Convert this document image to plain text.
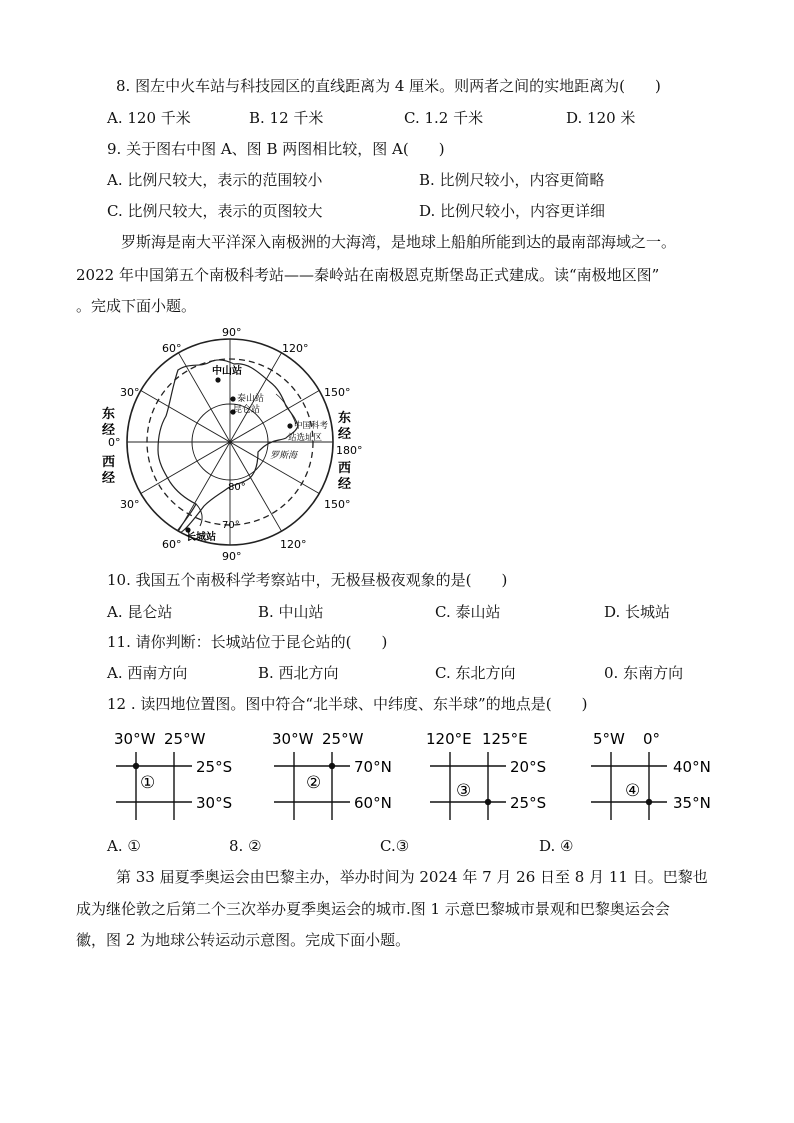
8. 图左中火车站与科技园区的直线距离为 4 厘米。则两者之间的实地距离为(　　)
A. 120 千米	B. 12 千米	C. 1.2 千米	D. 120 米
9. 关于图右中图 A、图 B 两图相比较，图 A(　　)
A. 比例尺较大，表示的范围较小	B. 比例尺较小，内容更简略
C. 比例尺较大，表示的页图较大	D. 比例尺较小，内容更详细
罗斯海是南大平洋深入南极洲的大海湾，是地球上船舶所能到达的最南部海域之一。
2022 年中国第五个南极科考站——秦岭站在南极恩克斯堡岛正式建成。读“南极地区图”
。完成下面小题。
90°
60°	120°
30°	150°
0°
180°
30°	150°
60°	120°
90°
东
经
西
经
东
经
西
经
80°
70°
中山站
泰山站
昆仑站
中国科考
站选址区
罗斯海
长城站
10. 我国五个南极科学考察站中，无极昼极夜观象的是(　　)
A. 昆仑站	B. 中山站	C. 泰山站	D. 长城站
11. 请你判断：长城站位于昆仑站的(　　)
A. 西南方向	B. 西北方向	C. 东北方向	0. 东南方向
12 . 读四地位置图。图中符合“北半球、中纬度、东半球”的地点是(　　)
30°W 25°W
①
25°S
30°S
30°W 25°W
②
70°N
60°N
120°E 125°E
③
20°S
25°S
5°W 0°
④
40°N
35°N
A. ①	8. ②	C.③	D. ④
第 33 届夏季奥运会由巴黎主办，举办时间为 2024 年 7 月 26 日至 8 月 11 日。巴黎也
成为继伦敦之后第二个三次举办夏季奥运会的城市.图 1 示意巴黎城市景观和巴黎奥运会会
徽，图 2 为地球公转运动示意图。完成下面小题。
